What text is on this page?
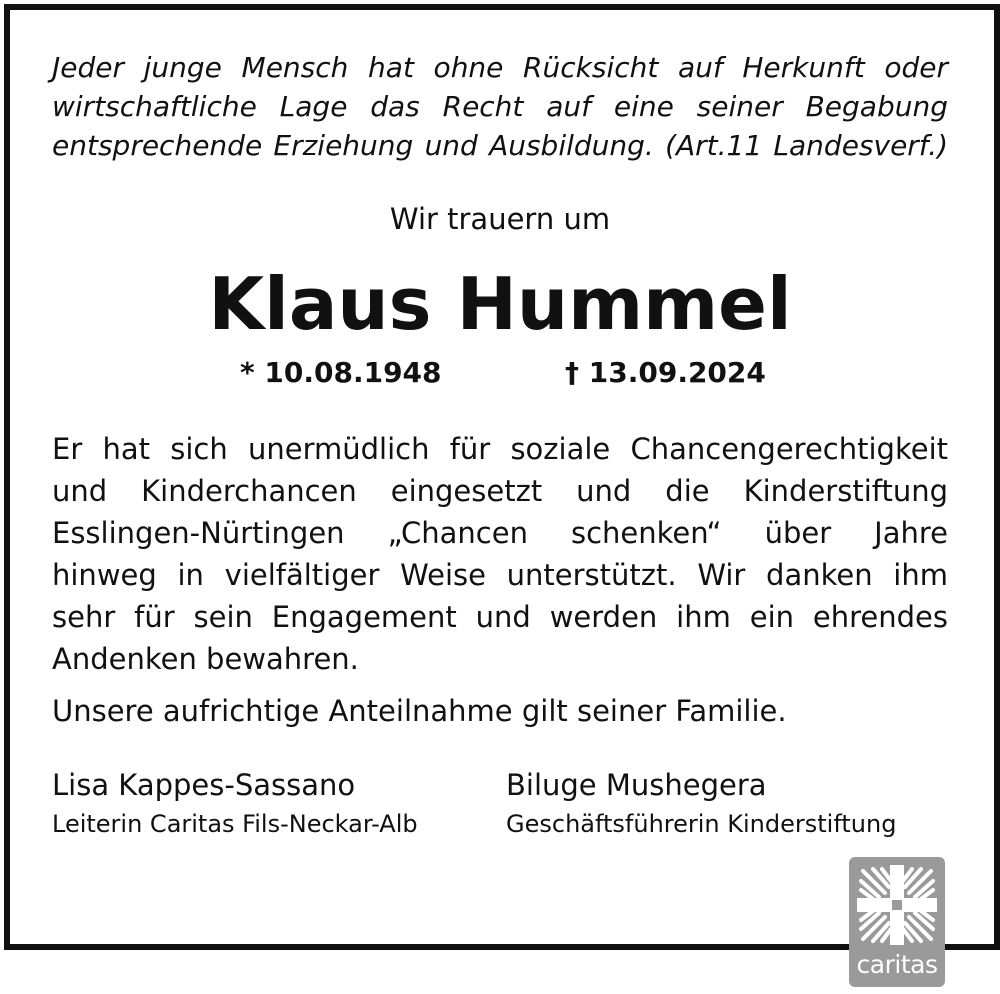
Jeder junge Mensch hat ohne Rücksicht auf Herkunft oder

wirtschaftliche Lage das Recht auf eine seiner Begabung

entsprechende Erziehung und Ausbildung. (Art.11 Landesverf.)

Wir trauern um
Klaus Hummel
* 10.08.1948	† 13.09.2024

Er hat sich unermüdlich für soziale Chancengerechtigkeit

und Kinderchancen eingesetzt und die Kinderstiftung

Esslingen-Nürtingen „Chancen schenken“ über Jahre

hinweg in vielfältiger Weise unterstützt. Wir danken ihm

sehr für sein Engagement und werden ihm ein ehrendes

Andenken bewahren.

Unsere aufrichtige Anteilnahme gilt seiner Familie.
Lisa Kappes-Sassano
Leiterin Caritas Fils-Neckar-Alb
Biluge Mushegera
Geschäftsführerin Kinderstiftung
caritas
